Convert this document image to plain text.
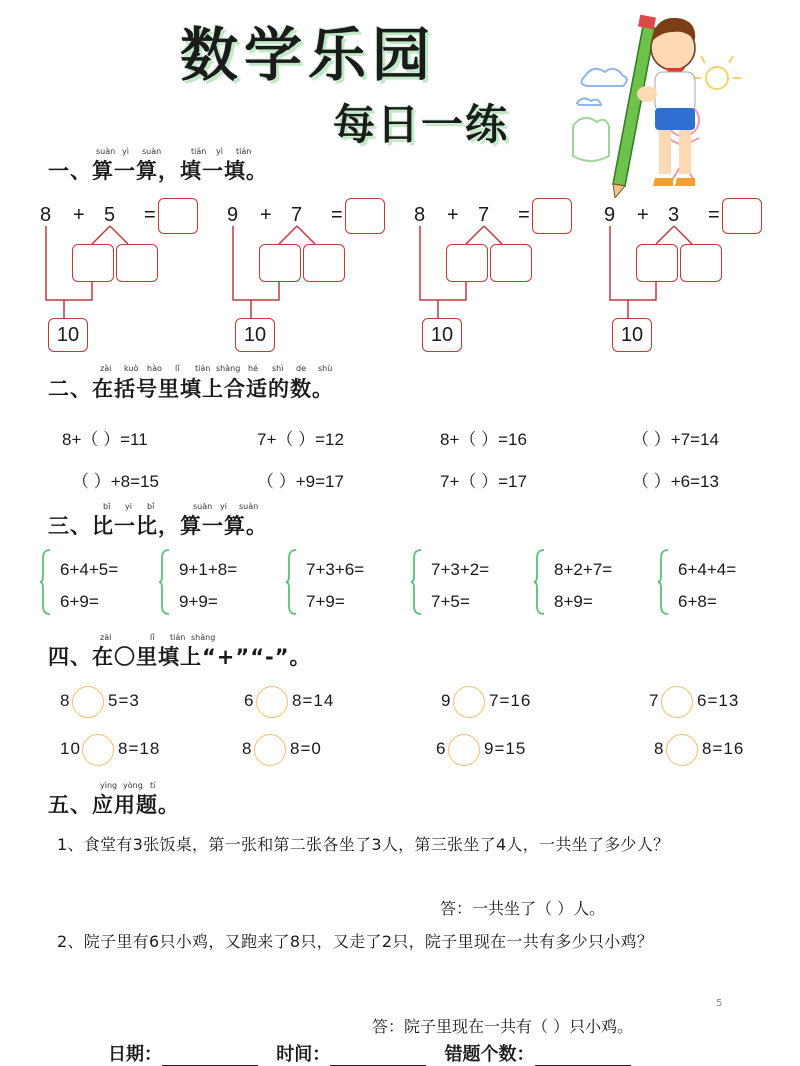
数学乐园
每日一练
suàn yì suàn	tián yì tián
一、算一算，填一填。
8 + 5 =
10
9 + 7 =
10
8 + 7 =
10
9 + 3 =
10
zài kuò hào lǐ tián shàng hé shì de shù
二、在括号里填上合适的数。
8+（ ）=11	7+（ ）=12	8+（ ）=16	（ ）+7=14
（ ）+8=15	（ ）+9=17	7+（ ）=17	（ ）+6=13
bǐ yi bǐ	suàn yi suàn
三、比一比，算一算。
6+4+5=
6+9=
9+1+8=
9+9=
7+3+6=
7+9=
7+3+2=
7+5=
8+2+7=
8+9=
6+4+4=
6+8=
zài	lǐ tián shàng
四、在〇里填上“+”“-”。
8 5=3	6 8=14	9 7=16	7 6=13
10 8=18	8 8=0	6 9=15	8 8=16
yìng yòng tí
五、应用题。
1、食堂有3张饭桌，第一张和第二张各坐了3人，第三张坐了4人，一共坐了多少人？
答：一共坐了（ ）人。
2、院子里有6只小鸡，又跑来了8只，又走了2只，院子里现在一共有多少只小鸡？
5
答：院子里现在一共有（ ）只小鸡。
日期：	时间：	错题个数：
